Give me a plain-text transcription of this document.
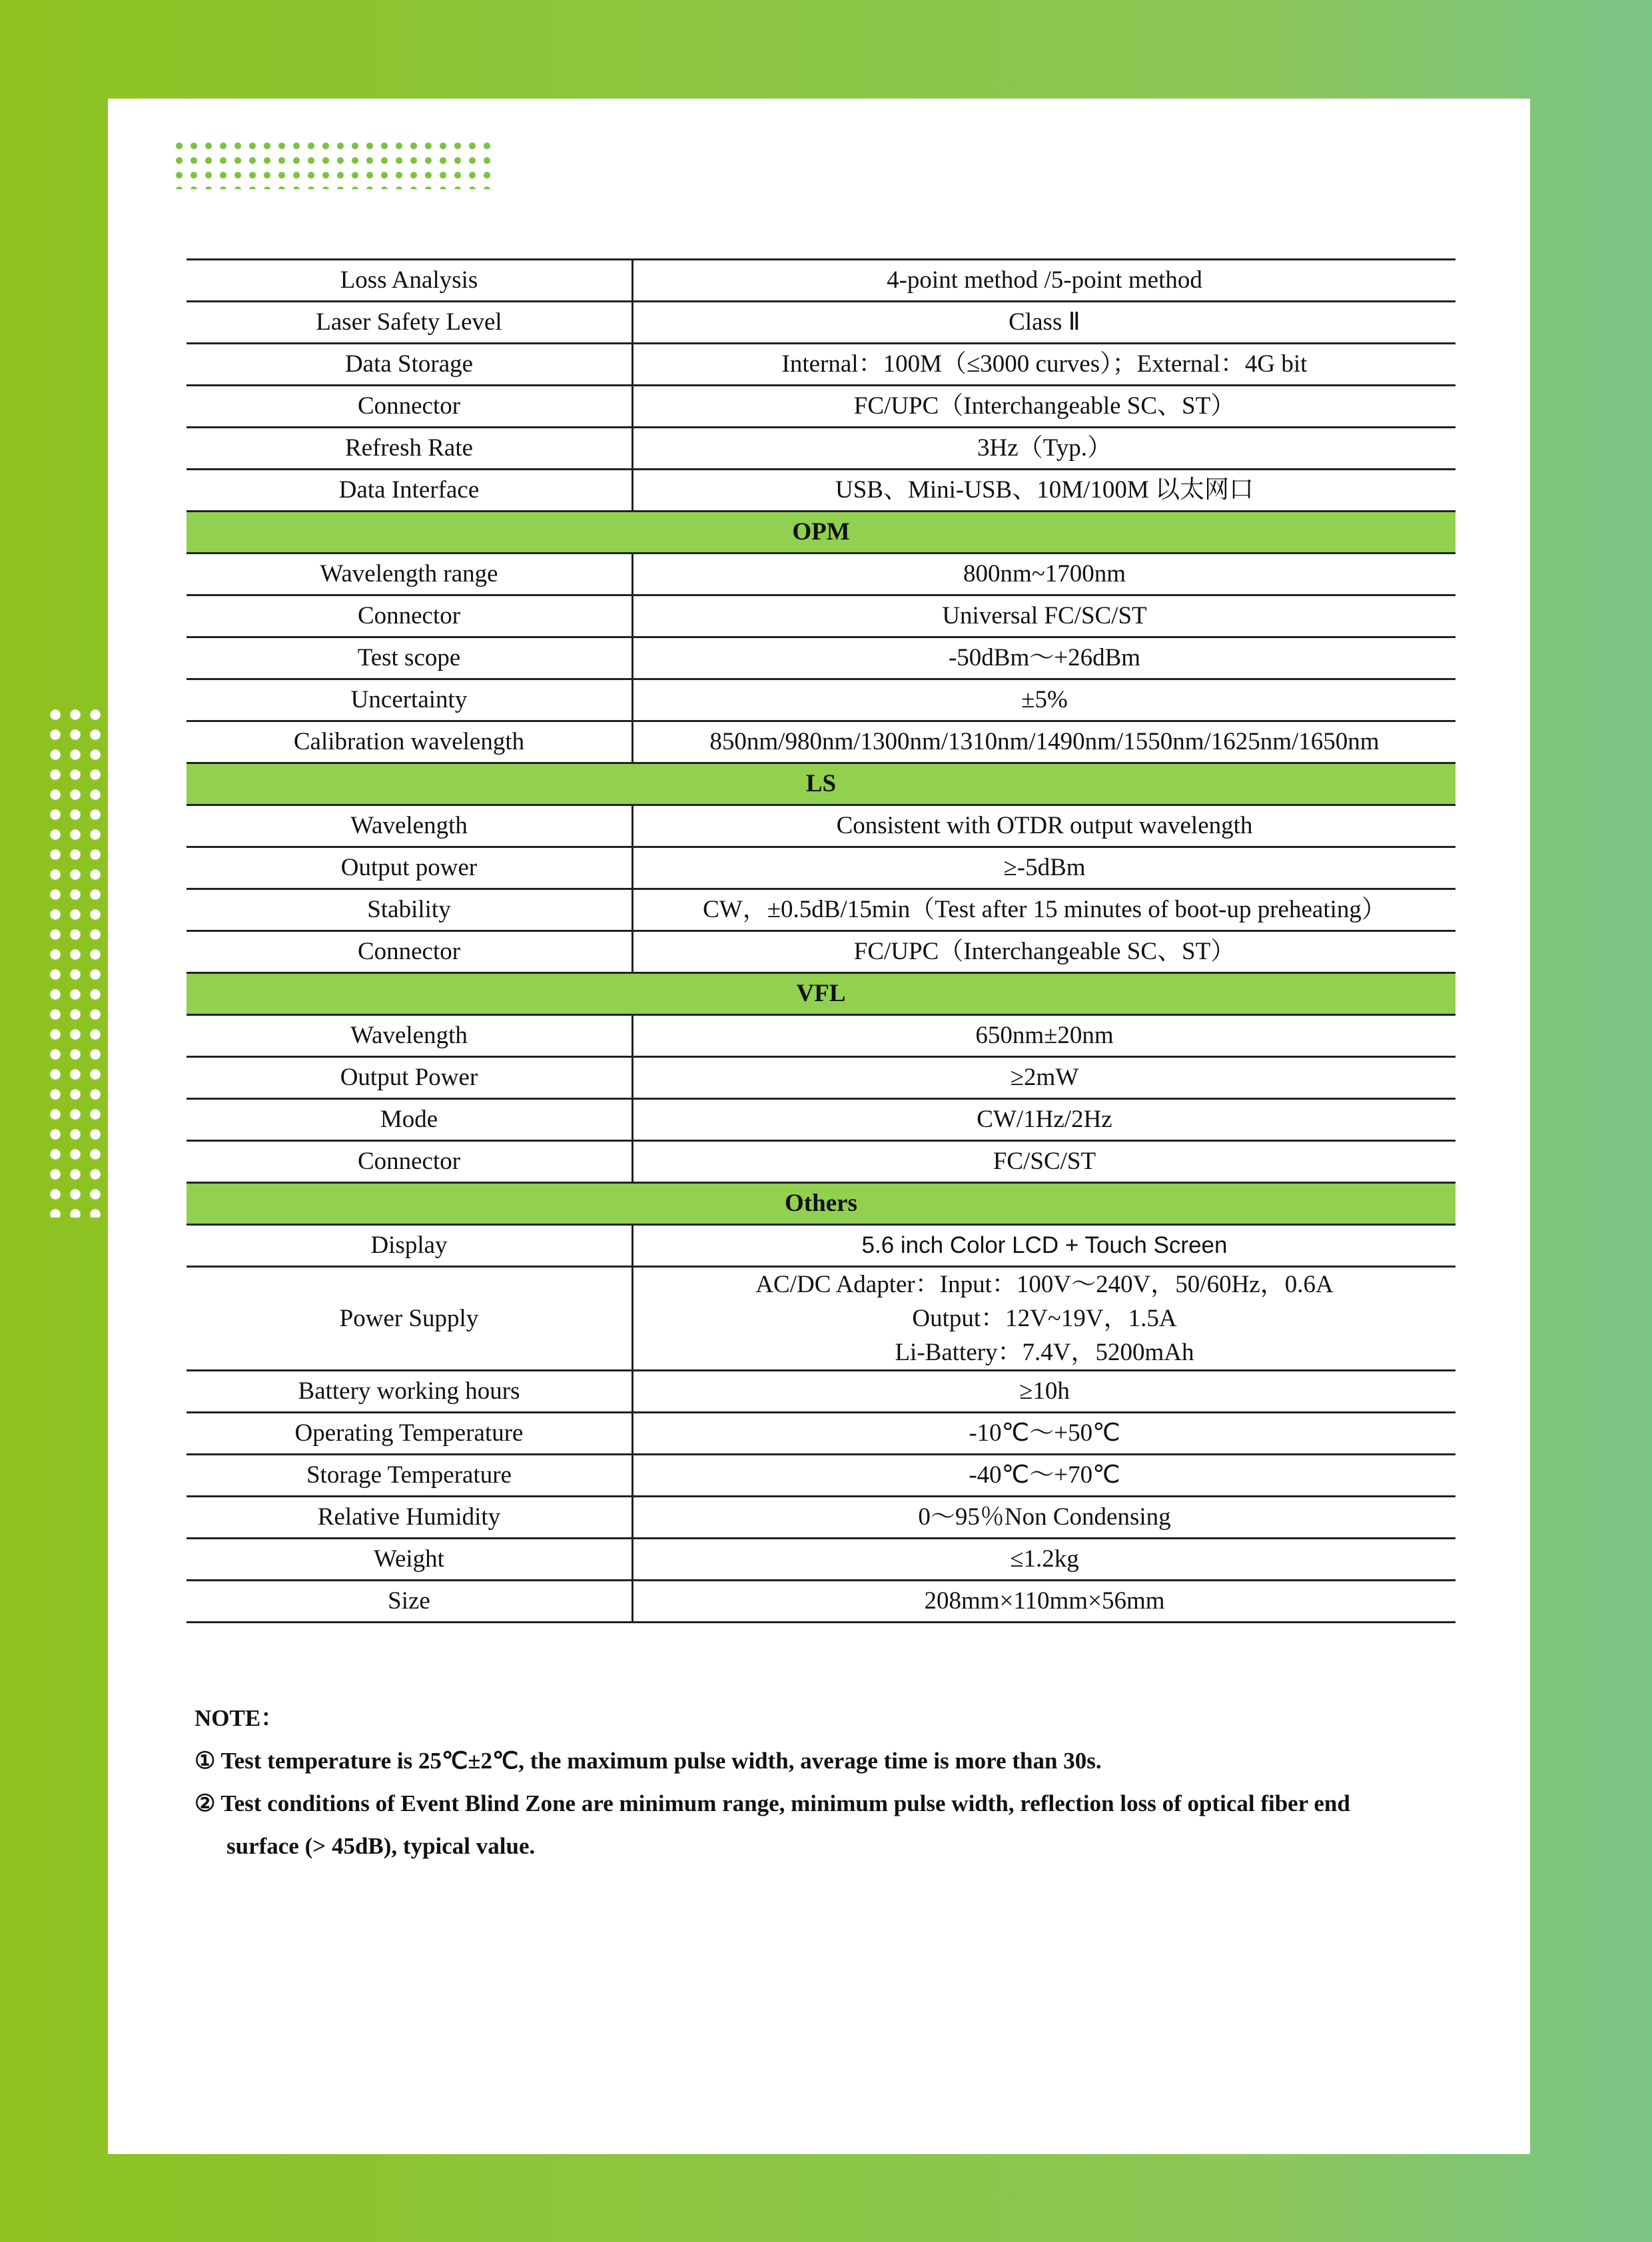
Loss Analysis	4-point method /5-point method
Laser Safety Level	Class Ⅱ
Data Storage	Internal：100M（≤3000 curves）；External：4G bit
Connector	FC/UPC（Interchangeable SC、ST）
Refresh Rate	3Hz（Typ.）
Data Interface	USB、Mini-USB、10M/100M 以太网口
OPM	
Wavelength range	800nm~1700nm
Connector	Universal FC/SC/ST
Test scope	-50dBm～+26dBm
Uncertainty	±5%
Calibration wavelength	850nm/980nm/1300nm/1310nm/1490nm/1550nm/1625nm/1650nm
LS	
Wavelength	Consistent with OTDR output wavelength
Output power	≥-5dBm
Stability	CW，±0.5dB/15min（Test after 15 minutes of boot-up preheating）
Connector	FC/UPC（Interchangeable SC、ST）
VFL	
Wavelength	650nm±20nm
Output Power	≥2mW
Mode	CW/1Hz/2Hz
Connector	FC/SC/ST
Others	
Display	5.6 inch Color LCD + Touch Screen
Power Supply	AC/DC Adapter：Input：100V～240V，50/60Hz，0.6A
Output：12V~19V，1.5A
Li-Battery：7.4V，5200mAh

Battery working hours	≥10h
Operating Temperature	-10℃～+50℃
Storage Temperature	-40℃～+70℃
Relative Humidity	0～95％Non Condensing
Weight	≤1.2kg
Size	208mm×110mm×56mm
NOTE：
① Test temperature is 25℃±2℃, the maximum pulse width, average time is more than 30s.
② Test conditions of Event Blind Zone are minimum range, minimum pulse width, reflection loss of optical fiber end
surface (> 45dB), typical value.
